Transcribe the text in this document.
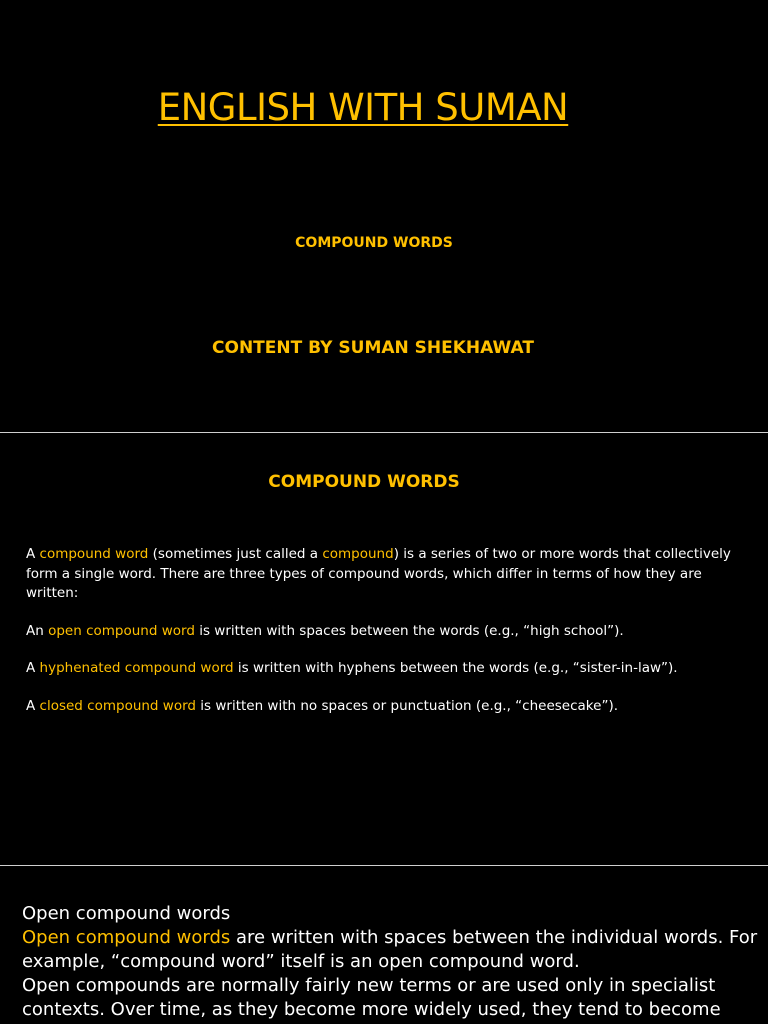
ENGLISH WITH SUMAN
COMPOUND WORDS
CONTENT BY SUMAN SHEKHAWAT
COMPOUND WORDS

A compound word (sometimes just called a compound) is a series of two or more words that collectively form a single word. There are three types of compound words, which differ in terms of how they are written:

An open compound word is written with spaces between the words (e.g., “high school”).

A hyphenated compound word is written with hyphens between the words (e.g., “sister-in-law”).

A closed compound word is written with no spaces or punctuation (e.g., “cheesecake”).

Open compound words
Open compound words are written with spaces between the individual words. For example, “compound word” itself is an open compound word.
Open compounds are normally fairly new terms or are used only in specialist contexts. Over time, as they become more widely used, they tend to become
